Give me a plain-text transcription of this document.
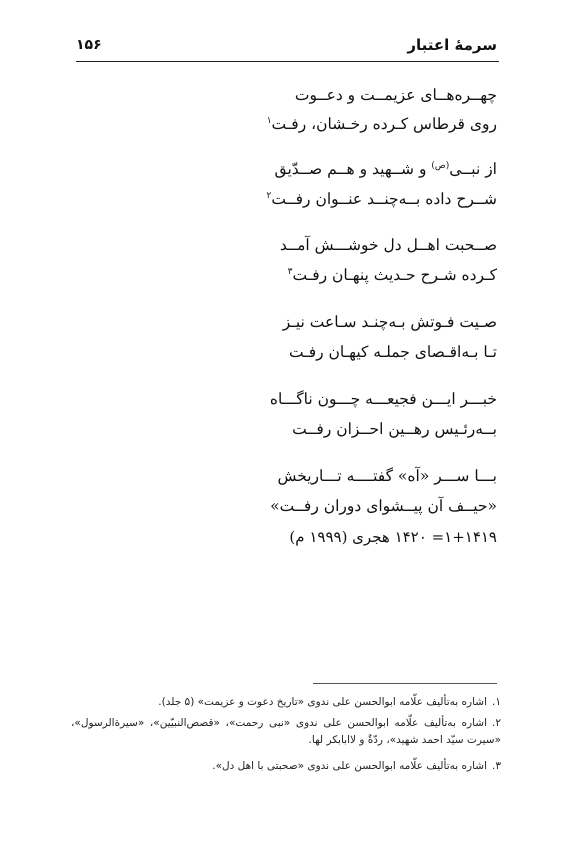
سرمهٔ اعتبار
۱۵۶
چهــره‌هــای عزیمــت و دعــوت
روی قرطاس کـرده رخـشان، رفـت$^۱$
از نبــی$^{(ص)}$ و شــهید و هــم صــدّیق
شــرح داده بــه‌چنــد عنــوان رفــت$^۲$
صــحبت اهــل دل خوشـــش آمــد
کـرده شـرح حـدیث پنهـان رفـت$^۳$
صـیت فـوتش بـه‌چنـد سـاعت نیـز
تـا بـه‌اقـصای جملـه کیهـان رفـت
خبـــر ایـــن فجیعـــه چـــون ناگـــاه
بــه‌رئـیس رهــین احــزان رفــت
بـــا ســـر «آه» گفتــــه تـــاریخش
«حیــف آن پیــشوای دوران رفــت»
۱+۱۴۱۹= ۱۴۲۰ هجری (۱۹۹۹ م)
۱.اشاره به‌تألیف علّامه ابوالحسن علی ندوی «تاریخ دعوت و عزیمت» (۵ جلد).
۲.اشاره به‌تألیف علّامه ابوالحسن علی ندوی «نبی رحمت»، «قصص‌النبیّین»، «سیرةالرسول»، «سیرت سیّد احمد شهید»، ردّةٌ و لاابابکر لها.
۳.اشاره به‌تألیف علّامه ابوالحسن علی ندوی «صحبتی با اهل دل».
